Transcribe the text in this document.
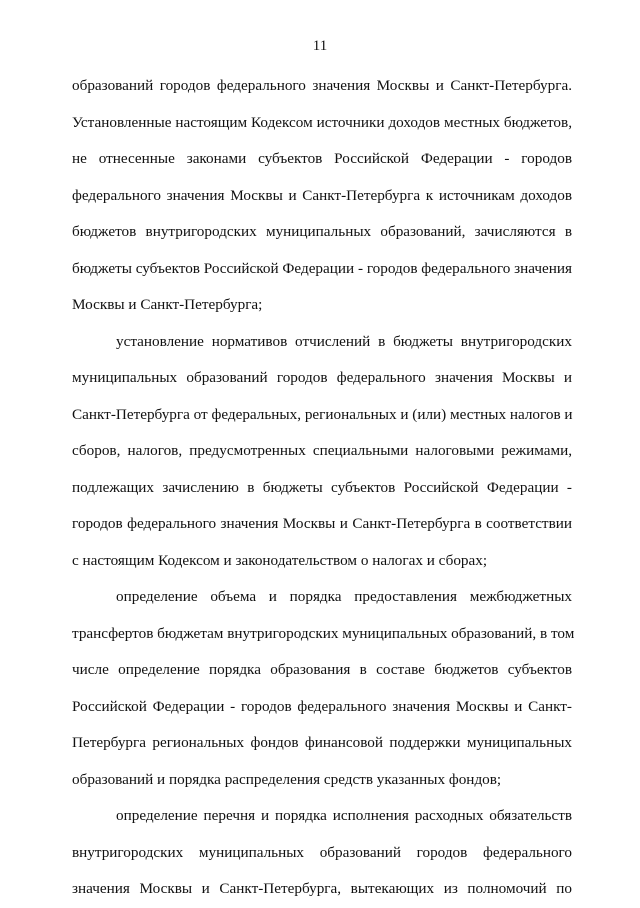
11
образований городов федерального значения Москвы и Санкт-Петербурга.
Установленные настоящим Кодексом источники доходов местных бюджетов,
не отнесенные законами субъектов Российской Федерации - городов
федерального значения Москвы и Санкт-Петербурга к источникам доходов
бюджетов внутригородских муниципальных образований, зачисляются в
бюджеты субъектов Российской Федерации - городов федерального значения
Москвы и Санкт-Петербурга;
установление нормативов отчислений в бюджеты внутригородских
муниципальных образований городов федерального значения Москвы и
Санкт-Петербурга от федеральных, региональных и (или) местных налогов и
сборов, налогов, предусмотренных специальными налоговыми режимами,
подлежащих зачислению в бюджеты субъектов Российской Федерации -
городов федерального значения Москвы и Санкт-Петербурга в соответствии
с настоящим Кодексом и законодательством о налогах и сборах;
определение объема и порядка предоставления межбюджетных
трансфертов бюджетам внутригородских муниципальных образований, в том
числе определение порядка образования в составе бюджетов субъектов
Российской Федерации - городов федерального значения Москвы и Санкт-
Петербурга региональных фондов финансовой поддержки муниципальных
образований и порядка распределения средств указанных фондов;
определение перечня и порядка исполнения расходных обязательств
внутригородских муниципальных образований городов федерального
значения Москвы и Санкт-Петербурга, вытекающих из полномочий по
